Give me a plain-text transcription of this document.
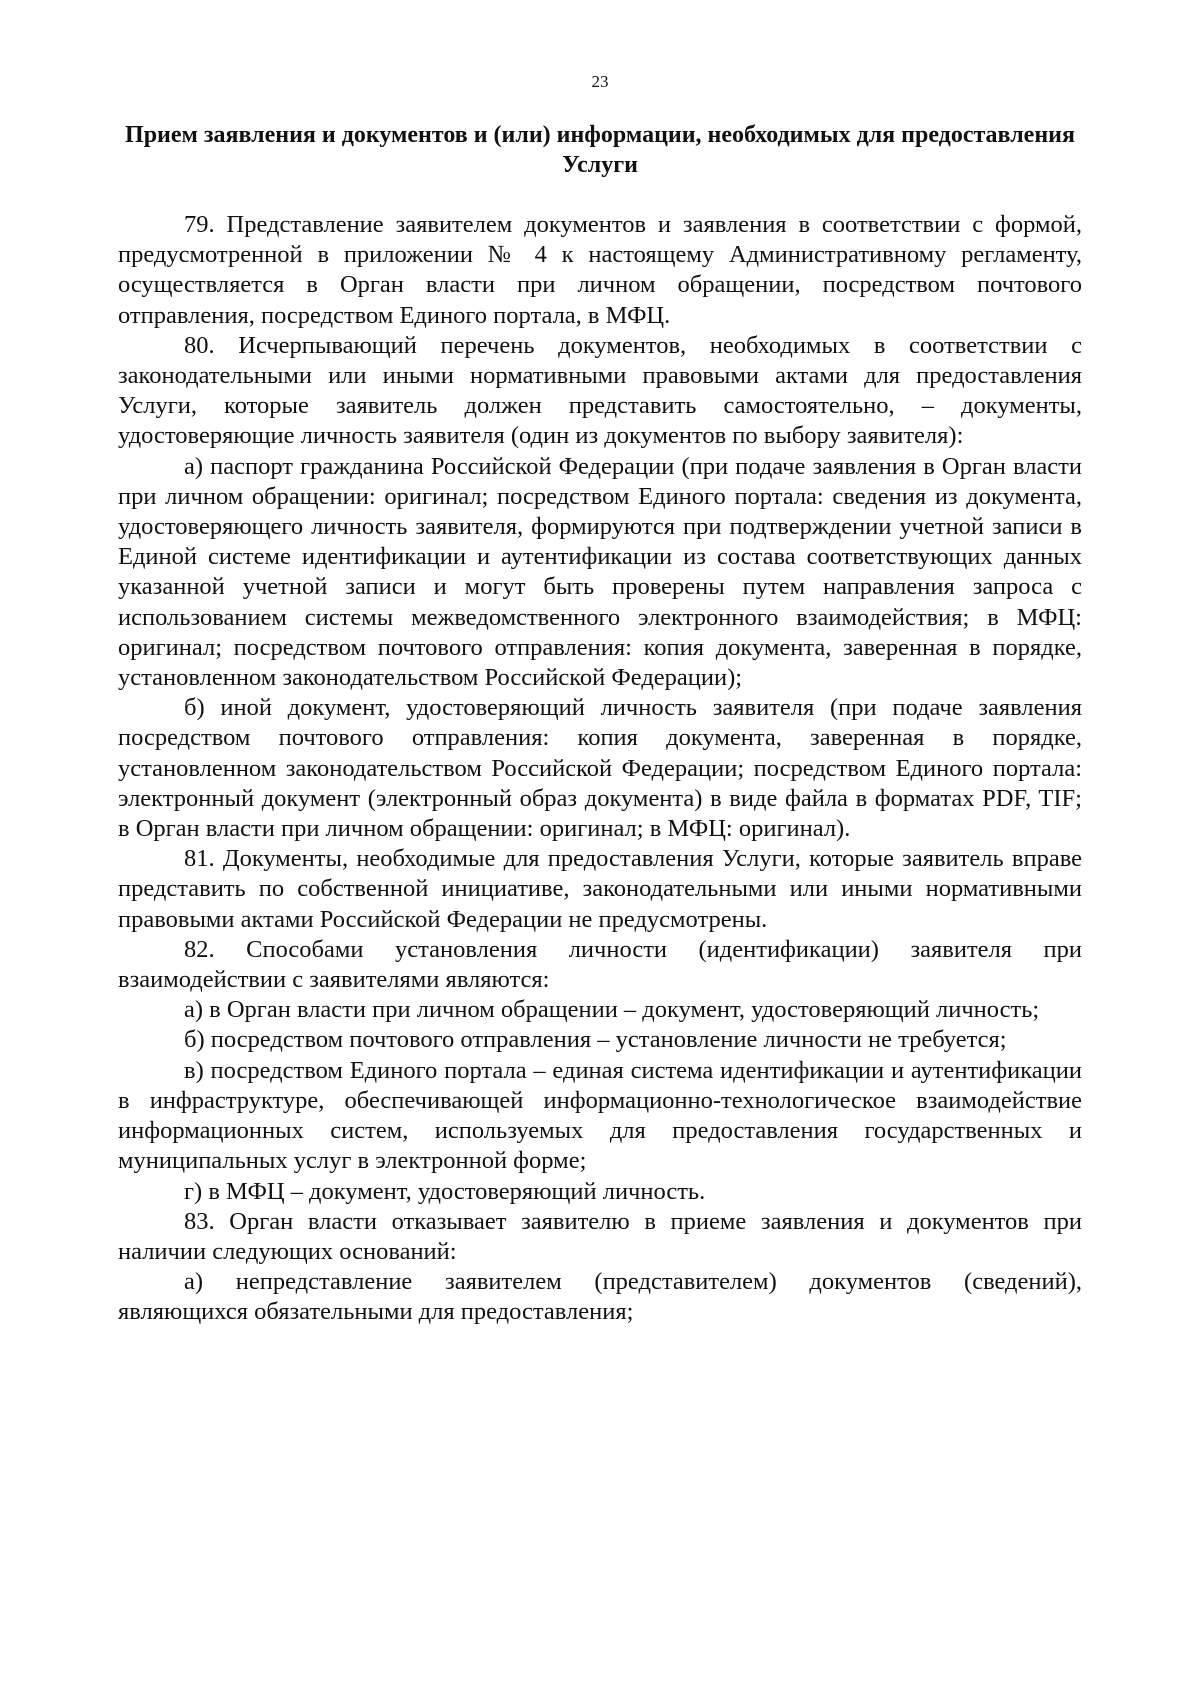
23
Прием заявления и документов и (или) информации, необходимых для предоставления Услуги

79. Представление заявителем документов и заявления в соответствии с формой, предусмотренной в приложении № 4 к настоящему Административному регламенту, осуществляется в Орган власти при личном обращении, посредством почтового отправления, посредством Единого портала, в МФЦ.

80. Исчерпывающий перечень документов, необходимых в соответствии с законодательными или иными нормативными правовыми актами для предоставления Услуги, которые заявитель должен представить самостоятельно, – документы, удостоверяющие личность заявителя (один из документов по выбору заявителя):

а) паспорт гражданина Российской Федерации (при подаче заявления в Орган власти при личном обращении: оригинал; посредством Единого портала: сведения из документа, удостоверяющего личность заявителя, формируются при подтверждении учетной записи в Единой системе идентификации и аутентификации из состава соответствующих данных указанной учетной записи и могут быть проверены путем направления запроса с использованием системы межведомственного электронного взаимодействия; в МФЦ: оригинал; посредством почтового отправления: копия документа, заверенная в порядке, установленном законодательством Российской Федерации);

б) иной документ, удостоверяющий личность заявителя (при подаче заявления посредством почтового отправления: копия документа, заверенная в порядке, установленном законодательством Российской Федерации; посредством Единого портала: электронный документ (электронный образ документа) в виде файла в форматах PDF, TIF; в Орган власти при личном обращении: оригинал; в МФЦ: оригинал).

81. Документы, необходимые для предоставления Услуги, которые заявитель вправе представить по собственной инициативе, законодательными или иными нормативными правовыми актами Российской Федерации не предусмотрены.

82. Способами установления личности (идентификации) заявителя при взаимодействии с заявителями являются:

а) в Орган власти при личном обращении – документ, удостоверяющий личность;

б) посредством почтового отправления – установление личности не требуется;

в) посредством Единого портала – единая система идентификации и аутентификации в инфраструктуре, обеспечивающей информационно-технологическое взаимодействие информационных систем, используемых для предоставления государственных и муниципальных услуг в электронной форме;

г) в МФЦ – документ, удостоверяющий личность.

83. Орган власти отказывает заявителю в приеме заявления и документов при наличии следующих оснований:

а) непредставление заявителем (представителем) документов (сведений), являющихся обязательными для предоставления;
